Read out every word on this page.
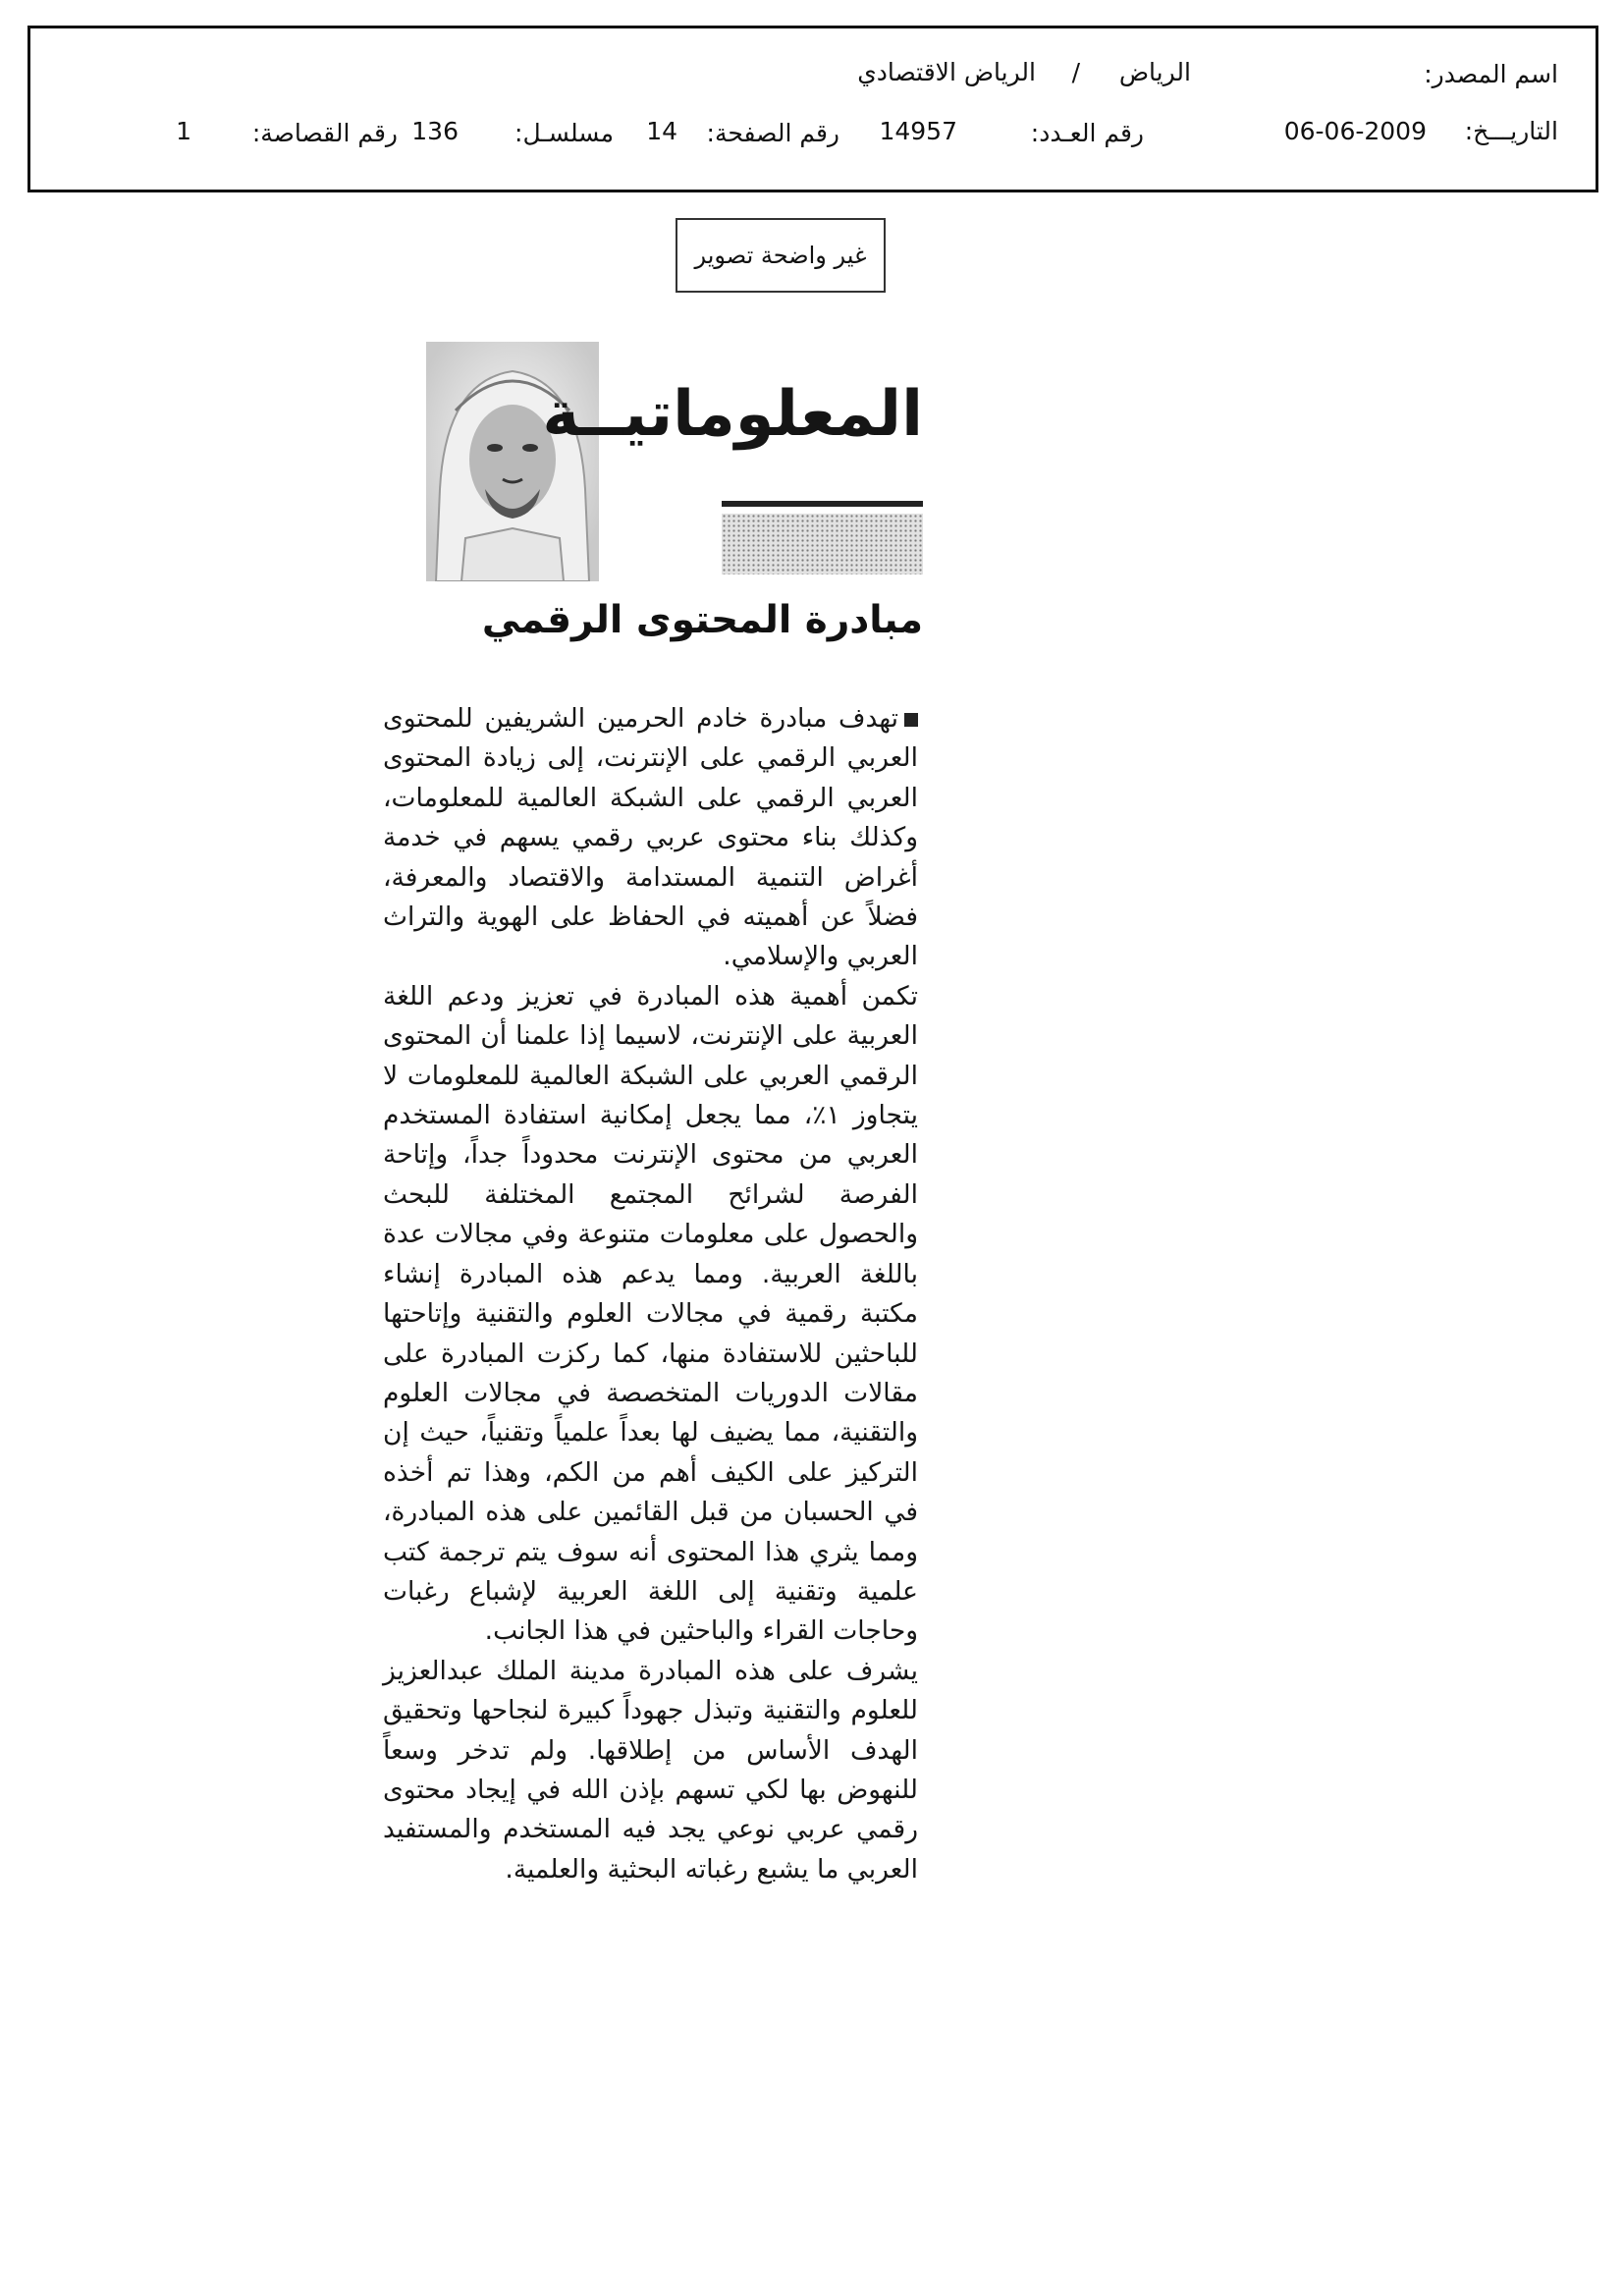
اسم المصدر:
الرياض
/
الرياض الاقتصادي
التاريـــخ:
06-06-2009
رقم العـدد:
14957
رقم الصفحة:
14
مسلسـل:
136
رقم القصاصة:
1
غير واضحة تصوير
المعلوماتيــة
مبادرة المحتوى الرقمي

تهدف مبادرة خادم الحرمين الشريفين للمحتوى العربي الرقمي على الإنترنت، إلى زيادة المحتوى العربي الرقمي على الشبكة العالمية للمعلومات، وكذلك بناء محتوى عربي رقمي يسهم في خدمة أغراض التنمية المستدامة والاقتصاد والمعرفة، فضلاً عن أهميته في الحفاظ على الهوية والتراث العربي والإسلامي.

تكمن أهمية هذه المبادرة في تعزيز ودعم اللغة العربية على الإنترنت، لاسيما إذا علمنا أن المحتوى الرقمي العربي على الشبكة العالمية للمعلومات لا يتجاوز ١٪، مما يجعل إمكانية استفادة المستخدم العربي من محتوى الإنترنت محدوداً جداً، وإتاحة الفرصة لشرائح المجتمع المختلفة للبحث والحصول على معلومات متنوعة وفي مجالات عدة باللغة العربية. ومما يدعم هذه المبادرة إنشاء مكتبة رقمية في مجالات العلوم والتقنية وإتاحتها للباحثين للاستفادة منها، كما ركزت المبادرة على مقالات الدوريات المتخصصة في مجالات العلوم والتقنية، مما يضيف لها بعداً علمياً وتقنياً، حيث إن التركيز على الكيف أهم من الكم، وهذا تم أخذه في الحسبان من قبل القائمين على هذه المبادرة، ومما يثري هذا المحتوى أنه سوف يتم ترجمة كتب علمية وتقنية إلى اللغة العربية لإشباع رغبات وحاجات القراء والباحثين في هذا الجانب.

يشرف على هذه المبادرة مدينة الملك عبدالعزيز للعلوم والتقنية وتبذل جهوداً كبيرة لنجاحها وتحقيق الهدف الأساس من إطلاقها. ولم تدخر وسعاً للنهوض بها لكي تسهم بإذن الله في إيجاد محتوى رقمي عربي نوعي يجد فيه المستخدم والمستفيد العربي ما يشبع رغباته البحثية والعلمية.
